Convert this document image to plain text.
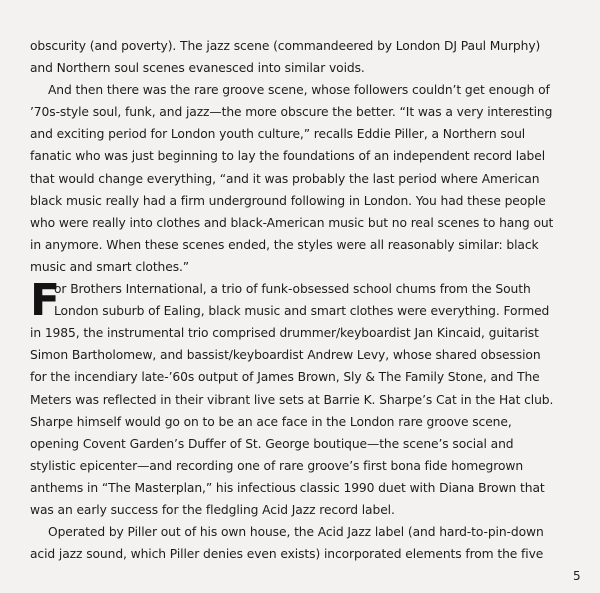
obscurity (and poverty). The jazz scene (commandeered by London DJ Paul Murphy)
and Northern soul scenes evanesced into similar voids.
And then there was the rare groove scene, whose followers couldn’t get enough of
’70s-style soul, funk, and jazz—the more obscure the better. “It was a very interesting
and exciting period for London youth culture,” recalls Eddie Piller, a Northern soul
fanatic who was just beginning to lay the foundations of an independent record label
that would change everything, “and it was probably the last period where American
black music really had a firm underground following in London. You had these people
who were really into clothes and black-American music but no real scenes to hang out
in anymore. When these scenes ended, the styles were all reasonably similar: black
music and smart clothes.”
F
or Brothers International, a trio of funk-obsessed school chums from the South
London suburb of Ealing, black music and smart clothes were everything. Formed
in 1985, the instrumental trio comprised drummer/keyboardist Jan Kincaid, guitarist
Simon Bartholomew, and bassist/keyboardist Andrew Levy, whose shared obsession
for the incendiary late-’60s output of James Brown, Sly & The Family Stone, and The
Meters was reflected in their vibrant live sets at Barrie K. Sharpe’s Cat in the Hat club.
Sharpe himself would go on to be an ace face in the London rare groove scene,
opening Covent Garden’s Duffer of St. George boutique—the scene’s social and
stylistic epicenter—and recording one of rare groove’s first bona fide homegrown
anthems in “The Masterplan,” his infectious classic 1990 duet with Diana Brown that
was an early success for the fledgling Acid Jazz record label.
Operated by Piller out of his own house, the Acid Jazz label (and hard-to-pin-down
acid jazz sound, which Piller denies even exists) incorporated elements from the five
5
